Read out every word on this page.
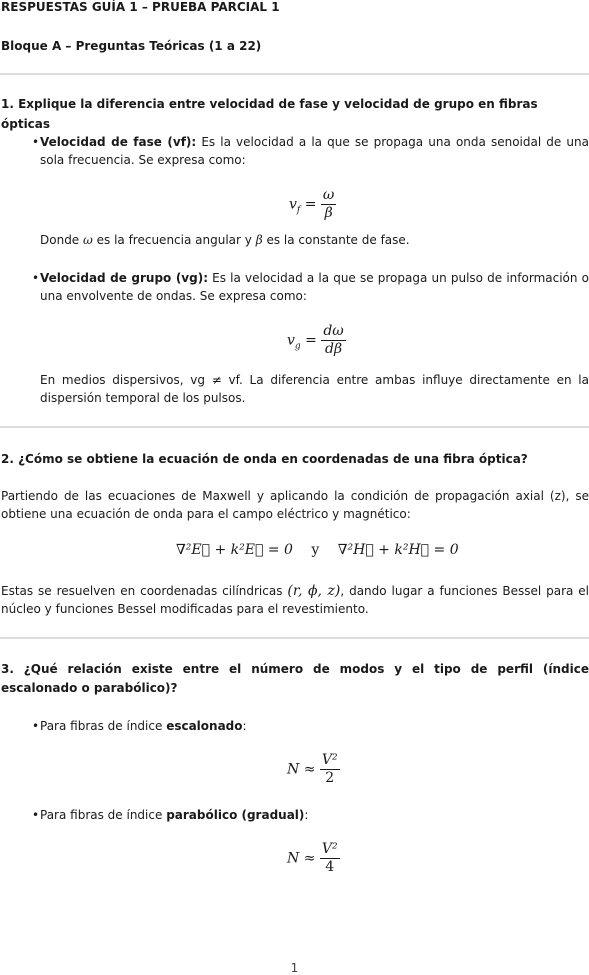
RESPUESTAS GUÍA 1 – PRUEBA PARCIAL 1
Bloque A – Preguntas Teóricas (1 a 22)
1. Explique la diferencia entre velocidad de fase y velocidad de grupo en fibras ópticas
• Velocidad de fase (vf): Es la velocidad a la que se propaga una onda senoidal de una sola frecuencia. Se expresa como:
$v_f = \frac{\omega}{\beta}$
Donde ω es la frecuencia angular y β es la constante de fase.
• Velocidad de grupo (vg): Es la velocidad a la que se propaga un pulso de información o una envolvente de ondas. Se expresa como:
$v_g = \frac{d\omega}{d\beta}$
En medios dispersivos, vg ≠ vf. La diferencia entre ambas influye directamente en la dispersión temporal de los pulsos.
2. ¿Cómo se obtiene la ecuación de onda en coordenadas de una fibra óptica?
Partiendo de las ecuaciones de Maxwell y aplicando la condición de propagación axial (z), se obtiene una ecuación de onda para el campo eléctrico y magnético:
∇²E⃗ + k²E⃗ = 0 y ∇²H⃗ + k²H⃗ = 0
Estas se resuelven en coordenadas cilíndricas (r, ϕ, z), dando lugar a funciones Bessel para el núcleo y funciones Bessel modificadas para el revestimiento.
3. ¿Qué relación existe entre el número de modos y el tipo de perfil (índice escalonado o parabólico)?
• Para fibras de índice escalonado:
$N \approx \frac{\text{V²}}{2}$
• Para fibras de índice parabólico (gradual):
$N \approx \frac{\text{V²}}{4}$
1
